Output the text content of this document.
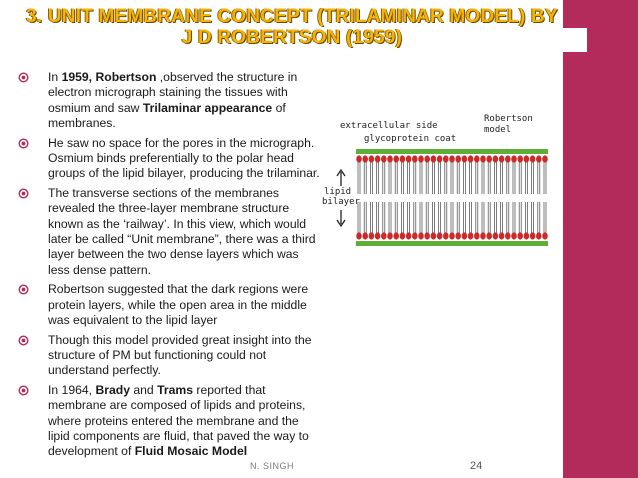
3. UNIT MEMBRANE CONCEPT (TRILAMINAR MODEL) BY
J D ROBERTSON (1959)
In 1959, Robertson ,observed the structure in electron micrograph staining the tissues with osmium and saw Trilaminar appearance of membranes.
He saw no space for the pores in the micrograph. Osmium binds preferentially to the polar head groups of the lipid bilayer, producing the trilaminar.
The transverse sections of the membranes revealed the three-layer membrane structure known as the ‘railway’. In this view, which would later be called “Unit membrane”, there was a third layer between the two dense layers which was less dense pattern.
Robertson suggested that the dark regions were protein layers, while the open area in the middle was equivalent to the lipid layer
Though this model provided great insight into the structure of PM but functioning could not understand perfectly.
In 1964, Brady and Trams reported that membrane are composed of lipids and proteins, where proteins entered the membrane and the lipid components are fluid, that paved the way to development of Fluid Mosaic Model
extracellular side
glycoprotein coat
Robertson
model
lipid
bilayer
N. SINGH	24
